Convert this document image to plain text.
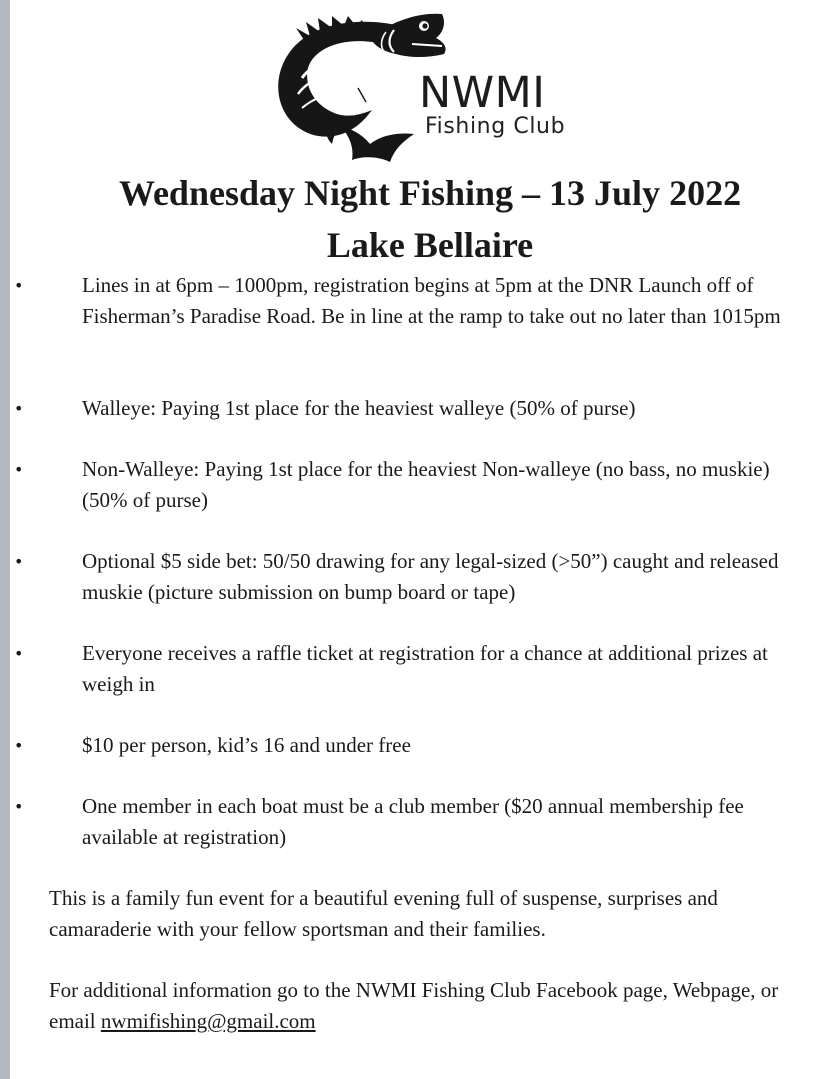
NWMI
Fishing Club
Wednesday Night Fishing – 13 July 2022
Lake Bellaire
•	Lines in at 6pm – 1000pm, registration begins at 5pm at the DNR Launch off of Fisherman’s Paradise Road. Be in line at the ramp to take out no later than 1015pm
•	Walleye: Paying 1st place for the heaviest walleye (50% of purse)
•	Non-Walleye: Paying 1st place for the heaviest Non-walleye (no bass, no muskie) (50% of purse)
•	Optional $5 side bet: 50/50 drawing for any legal-sized (>50”) caught and released muskie (picture submission on bump board or tape)
•	Everyone receives a raffle ticket at registration for a chance at additional prizes at weigh in
•	$10 per person, kid’s 16 and under free
•	One member in each boat must be a club member ($20 annual membership fee available at registration)
This is a family fun event for a beautiful evening full of suspense, surprises and camaraderie with your fellow sportsman and their families.
For additional information go to the NWMI Fishing Club Facebook page, Webpage, or email nwmifishing@gmail.com
